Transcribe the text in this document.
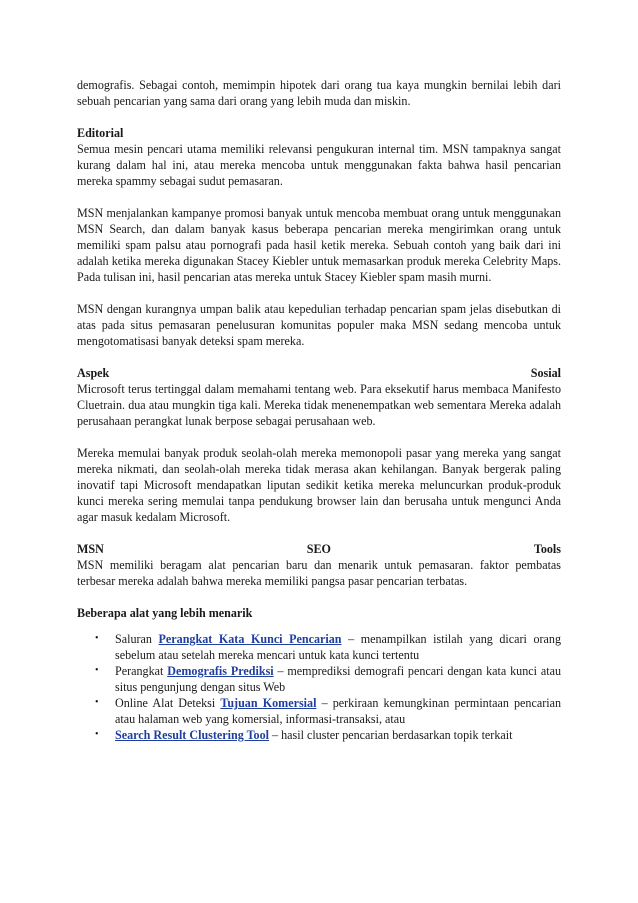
demografis. Sebagai contoh, memimpin hipotek dari orang tua kaya mungkin bernilai lebih dari sebuah pencarian yang sama dari orang yang lebih muda dan miskin.

Editorial

Semua mesin pencari utama memiliki relevansi pengukuran internal tim. MSN tampaknya sangat kurang dalam hal ini, atau mereka mencoba untuk menggunakan fakta bahwa hasil pencarian mereka spammy sebagai sudut pemasaran.

MSN menjalankan kampanye promosi banyak untuk mencoba membuat orang untuk menggunakan MSN Search, dan dalam banyak kasus beberapa pencarian mereka mengirimkan orang untuk memiliki spam palsu atau pornografi pada hasil ketik mereka. Sebuah contoh yang baik dari ini adalah ketika mereka digunakan Stacey Kiebler untuk memasarkan produk mereka Celebrity Maps. Pada tulisan ini, hasil pencarian atas mereka untuk Stacey Kiebler spam masih murni.

MSN dengan kurangnya umpan balik atau kepedulian terhadap pencarian spam jelas disebutkan di atas pada situs pemasaran penelusuran komunitas populer maka MSN sedang mencoba untuk mengotomatisasi banyak deteksi spam mereka.

Aspek	Sosial

Microsoft terus tertinggal dalam memahami tentang web. Para eksekutif harus membaca Manifesto Cluetrain. dua atau mungkin tiga kali. Mereka tidak menenempatkan web sementara Mereka adalah perusahaan perangkat lunak berpose sebagai perusahaan web.

Mereka memulai banyak produk seolah-olah mereka memonopoli pasar yang mereka yang sangat mereka nikmati, dan seolah-olah mereka tidak merasa akan kehilangan. Banyak bergerak paling inovatif tapi Microsoft mendapatkan liputan sedikit ketika mereka meluncurkan produk-produk kunci mereka sering memulai tanpa pendukung browser lain dan berusaha untuk mengunci Anda agar masuk kedalam Microsoft.

MSN	SEO	Tools

MSN memiliki beragam alat pencarian baru dan menarik untuk pemasaran. faktor pembatas terbesar mereka adalah bahwa mereka memiliki pangsa pasar pencarian terbatas.

Beberapa alat yang lebih menarik

• Saluran Perangkat Kata Kunci Pencarian – menampilkan istilah yang dicari orang sebelum atau setelah mereka mencari untuk kata kunci tertentu
• Perangkat Demografis Prediksi – memprediksi demografi pencari dengan kata kunci atau situs pengunjung dengan situs Web
• Online Alat Deteksi Tujuan Komersial – perkiraan kemungkinan permintaan pencarian atau halaman web yang komersial, informasi-transaksi, atau
• Search Result Clustering Tool – hasil cluster pencarian berdasarkan topik terkait
